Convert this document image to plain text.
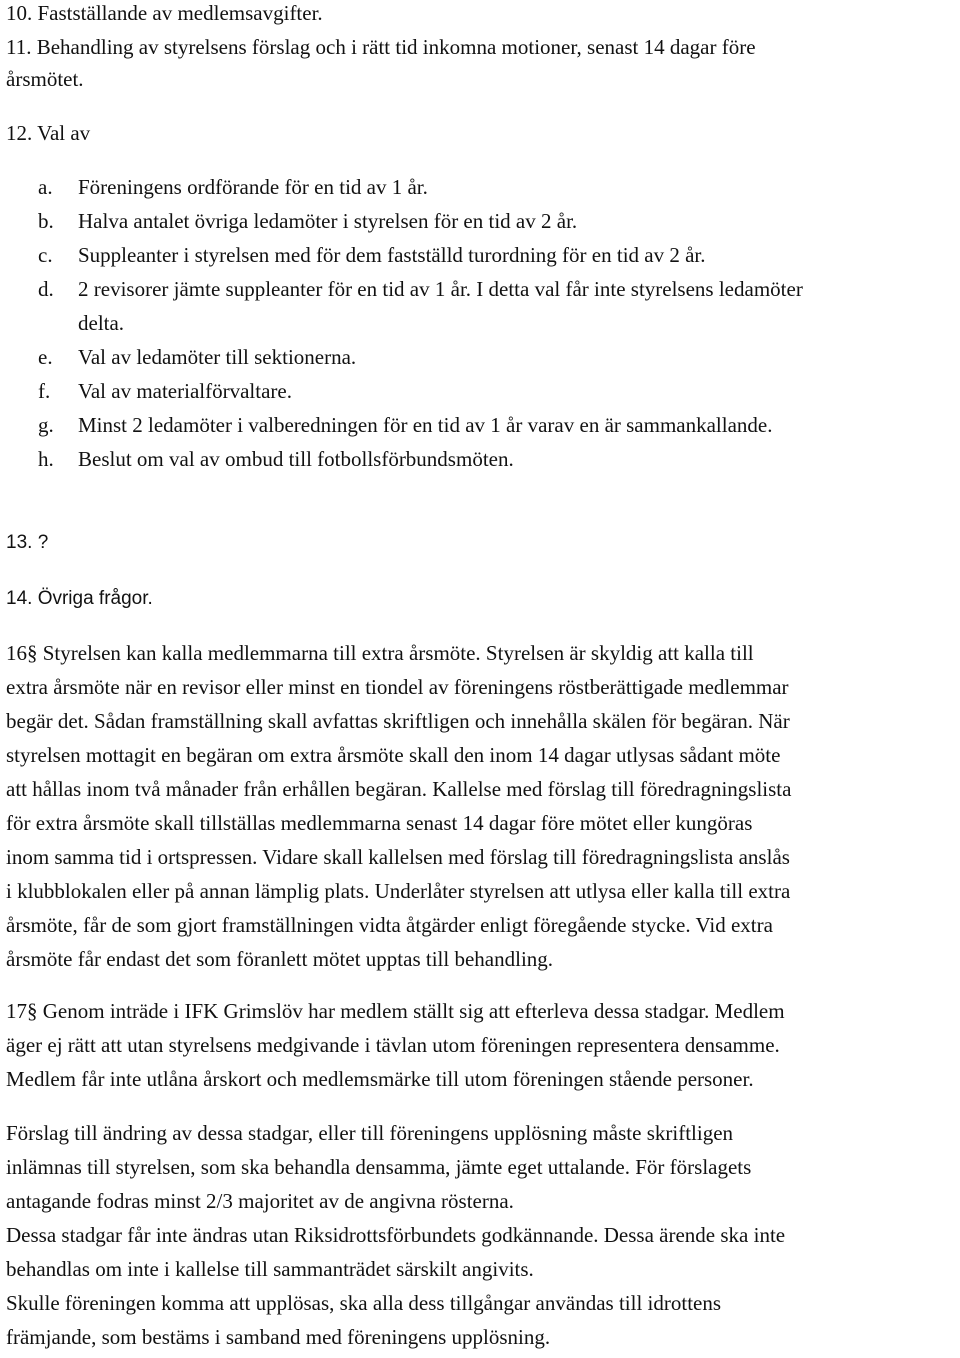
10. Fastställande av medlemsavgifter.
11. Behandling av styrelsens förslag och i rätt tid inkomna motioner, senast 14 dagar före
årsmötet.
12. Val av
a.	Föreningens ordförande för en tid av 1 år.
b.	Halva antalet övriga ledamöter i styrelsen för en tid av 2 år.
c.	Suppleanter i styrelsen med för dem fastställd turordning för en tid av 2 år.
d.	2 revisorer jämte suppleanter för en tid av 1 år. I detta val får inte styrelsens ledamöter
delta.
e.	Val av ledamöter till sektionerna.
f.	Val av materialförvaltare.
g.	Minst 2 ledamöter i valberedningen för en tid av 1 år varav en är sammankallande.
h.	Beslut om val av ombud till fotbollsförbundsmöten.
13. ?
14. Övriga frågor.
16§ Styrelsen kan kalla medlemmarna till extra årsmöte. Styrelsen är skyldig att kalla till
extra årsmöte när en revisor eller minst en tiondel av föreningens röstberättigade medlemmar
begär det. Sådan framställning skall avfattas skriftligen och innehålla skälen för begäran. När
styrelsen mottagit en begäran om extra årsmöte skall den inom 14 dagar utlysas sådant möte
att hållas inom två månader från erhållen begäran. Kallelse med förslag till föredragningslista
för extra årsmöte skall tillställas medlemmarna senast 14 dagar före mötet eller kungöras
inom samma tid i ortspressen. Vidare skall kallelsen med förslag till föredragningslista anslås
i klubblokalen eller på annan lämplig plats. Underlåter styrelsen att utlysa eller kalla till extra
årsmöte, får de som gjort framställningen vidta åtgärder enligt föregående stycke. Vid extra
årsmöte får endast det som föranlett mötet upptas till behandling.
17§ Genom inträde i IFK Grimslöv har medlem ställt sig att efterleva dessa stadgar. Medlem
äger ej rätt att utan styrelsens medgivande i tävlan utom föreningen representera densamme.
Medlem får inte utlåna årskort och medlemsmärke till utom föreningen stående personer.
Förslag till ändring av dessa stadgar, eller till föreningens upplösning måste skriftligen
inlämnas till styrelsen, som ska behandla densamma, jämte eget uttalande. För förslagets
antagande fodras minst 2/3 majoritet av de angivna rösterna.
Dessa stadgar får inte ändras utan Riksidrottsförbundets godkännande. Dessa ärende ska inte
behandlas om inte i kallelse till sammanträdet särskilt angivits.
Skulle föreningen komma att upplösas, ska alla dess tillgångar användas till idrottens
främjande, som bestäms i samband med föreningens upplösning.
